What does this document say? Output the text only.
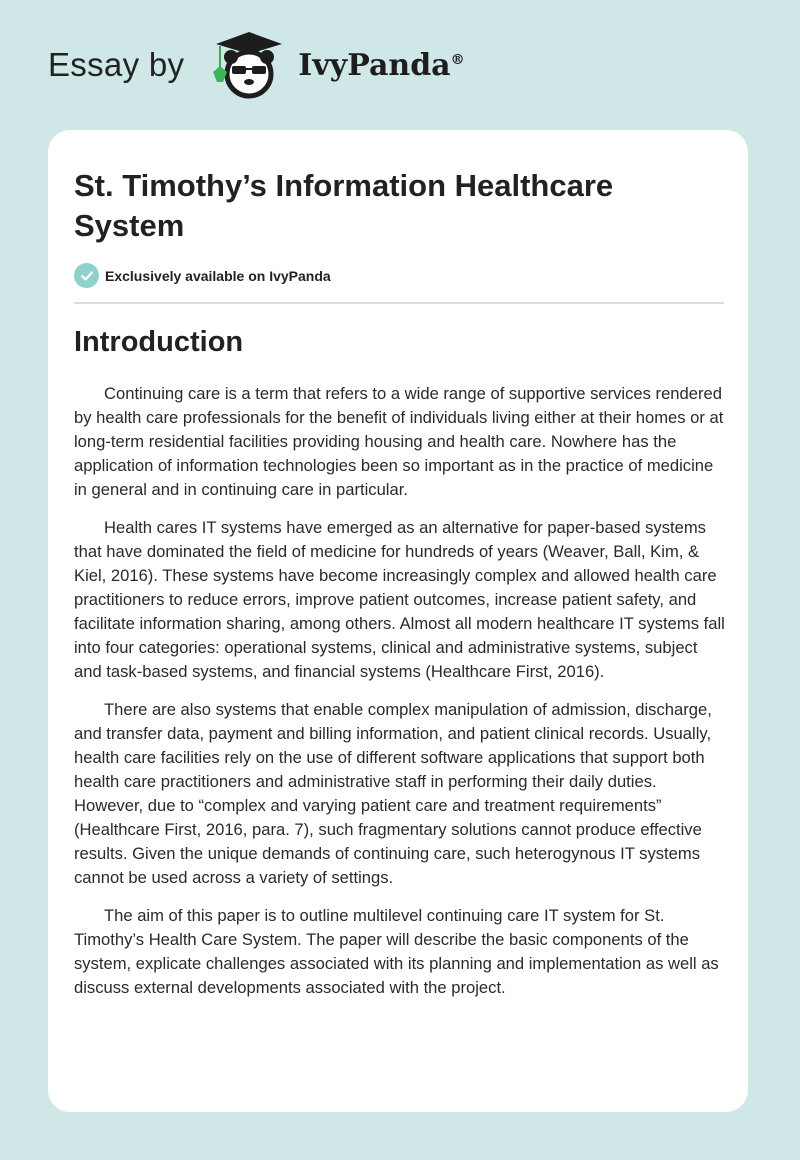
Essay by	IvyPanda®
St. Timothy’s Information Healthcare System
Exclusively available on IvyPanda
Introduction

Continuing care is a term that refers to a wide range of supportive services rendered by health care professionals for the benefit of individuals living either at their homes or at long-term residential facilities providing housing and health care. Nowhere has the application of information technologies been so important as in the practice of medicine in general and in continuing care in particular.

Health cares IT systems have emerged as an alternative for paper-based systems that have dominated the field of medicine for hundreds of years (Weaver, Ball, Kim, & Kiel, 2016). These systems have become increasingly complex and allowed health care practitioners to reduce errors, improve patient outcomes, increase patient safety, and facilitate information sharing, among others. Almost all modern healthcare IT systems fall into four categories: operational systems, clinical and administrative systems, subject and task-based systems, and financial systems (Healthcare First, 2016).

There are also systems that enable complex manipulation of admission, discharge, and transfer data, payment and billing information, and patient clinical records. Usually, health care facilities rely on the use of different software applications that support both health care practitioners and administrative staff in performing their daily duties. However, due to “complex and varying patient care and treatment requirements” (Healthcare First, 2016, para. 7), such fragmentary solutions cannot produce effective results. Given the unique demands of continuing care, such heterogynous IT systems cannot be used across a variety of settings.

The aim of this paper is to outline multilevel continuing care IT system for St. Timothy’s Health Care System. The paper will describe the basic components of the system, explicate challenges associated with its planning and implementation as well as discuss external developments associated with the project.
